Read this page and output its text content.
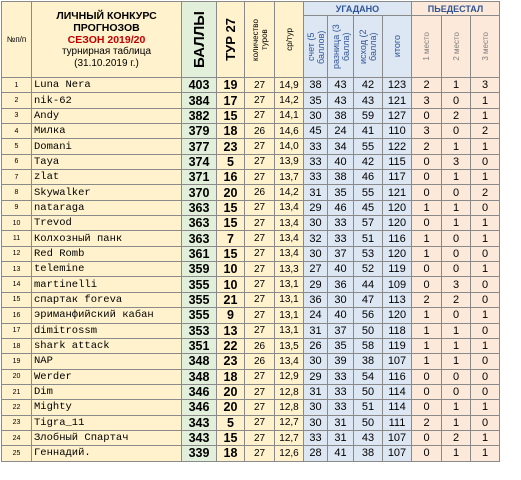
№п/п	ЛИЧНЫЙ КОНКУРС
ПРОГНОЗОВ
СЕЗОН 2019/20
турнирная таблица
(31.10.2019 г.)	БАЛЛЫ	ТУР 27	количество туров	ср/тур	УГАДАНО				ПЬЕДЕСТАЛ		

						счет (5 баллов)	разница (3 балла)	исход (2 балла)	итого	1 место	2 место	3 место

1	Luna Nera	403	19	27	14,9	38	43	42	123	2	1	3
2	nik-62	384	17	27	14,2	35	43	43	121	3	0	1
3	Andy	382	15	27	14,1	30	38	59	127	0	2	1
4	Милка	379	18	26	14,6	45	24	41	110	3	0	2
5	Domani	377	23	27	14,0	33	34	55	122	2	1	1
6	Taya	374	5	27	13,9	33	40	42	115	0	3	0
7	zlat	371	16	27	13,7	33	38	46	117	0	1	1
8	Skywalker	370	20	26	14,2	31	35	55	121	0	0	2
9	nataraga	363	15	27	13,4	29	46	45	120	1	1	0
10	Trevod	363	15	27	13,4	30	33	57	120	0	1	1
11	Колхозный панк	363	7	27	13,4	32	33	51	116	1	0	1
12	Red Romb	361	15	27	13,4	30	37	53	120	1	0	0
13	telemine	359	10	27	13,3	27	40	52	119	0	0	1
14	martinelli	355	10	27	13,1	29	36	44	109	0	3	0
15	спартак foreva	355	21	27	13,1	36	30	47	113	2	2	0
16	эриманфийский кабан	355	9	27	13,1	24	40	56	120	1	0	1
17	dimitrossm	353	13	27	13,1	31	37	50	118	1	1	0
18	shark attack	351	22	26	13,5	26	35	58	119	1	1	1
19	NAP	348	23	26	13,4	30	39	38	107	1	1	0
20	Werder	348	18	27	12,9	29	33	54	116	0	0	0
21	Dim	346	20	27	12,8	31	33	50	114	0	0	0
22	Mighty	346	20	27	12,8	30	33	51	114	0	1	1
23	Tigra_11	343	5	27	12,7	30	31	50	111	2	1	0
24	Злобный Спартач	343	15	27	12,7	33	31	43	107	0	2	1
25	Геннадий.	339	18	27	12,6	28	41	38	107	0	1	1
